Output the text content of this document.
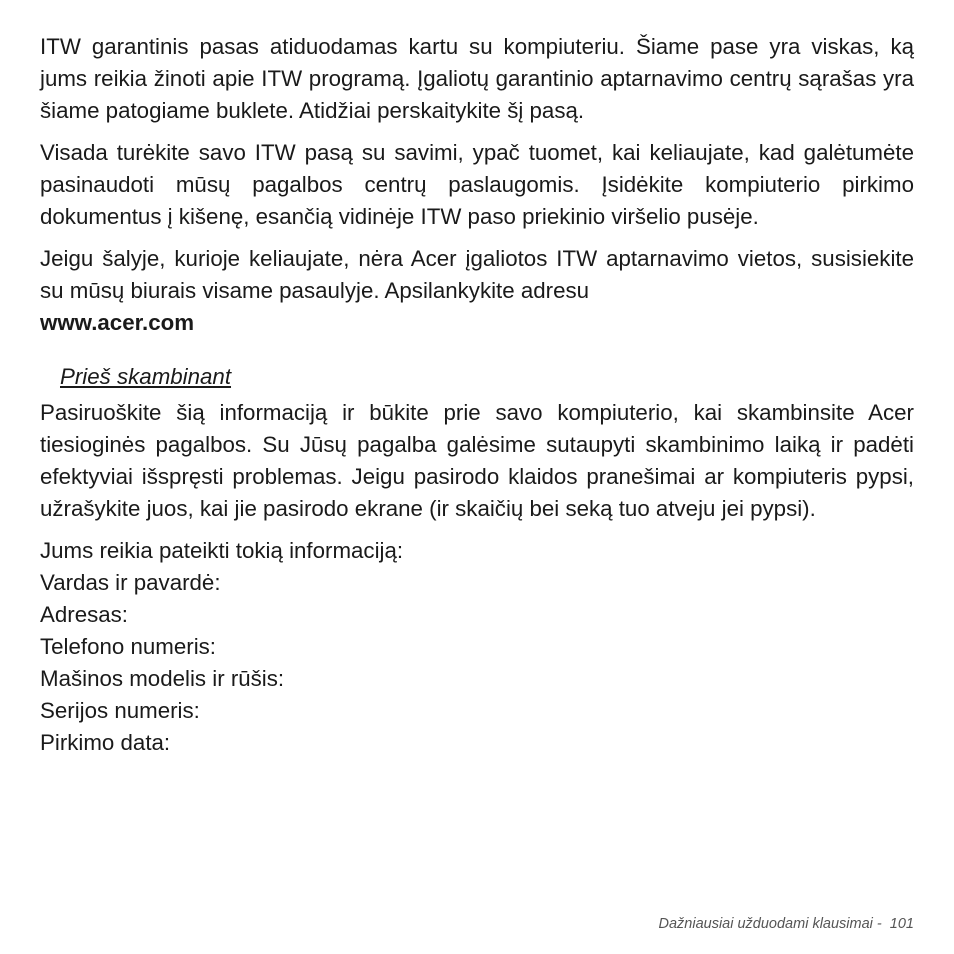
ITW garantinis pasas atiduodamas kartu su kompiuteriu. Šiame pase yra viskas, ką jums reikia žinoti apie ITW programą. Įgaliotų garantinio aptarnavimo centrų sąrašas yra šiame patogiame buklete. Atidžiai perskaitykite šį pasą.

Visada turėkite savo ITW pasą su savimi, ypač tuomet, kai keliaujate, kad galėtumėte pasinaudoti mūsų pagalbos centrų paslaugomis. Įsidėkite kompiuterio pirkimo dokumentus į kišenę, esančią vidinėje ITW paso priekinio viršelio pusėje.

Jeigu šalyje, kurioje keliaujate, nėra Acer įgaliotos ITW aptarnavimo vietos, susisiekite su mūsų biurais visame pasaulyje. Apsilankykite adresu
www.acer.com

Prieš skambinant

Pasiruoškite šią informaciją ir būkite prie savo kompiuterio, kai skambinsite Acer tiesioginės pagalbos. Su Jūsų pagalba galėsime sutaupyti skambinimo laiką ir padėti efektyviai išspręsti problemas. Jeigu pasirodo klaidos pranešimai ar kompiuteris pypsi, užrašykite juos, kai jie pasirodo ekrane (ir skaičių bei seką tuo atveju jei pypsi).

Jums reikia pateikti tokią informaciją:
Vardas ir pavardė:
Adresas:
Telefono numeris:
Mašinos modelis ir rūšis:
Serijos numeris:
Pirkimo data:
Dažniausiai užduodami klausimai -  101
